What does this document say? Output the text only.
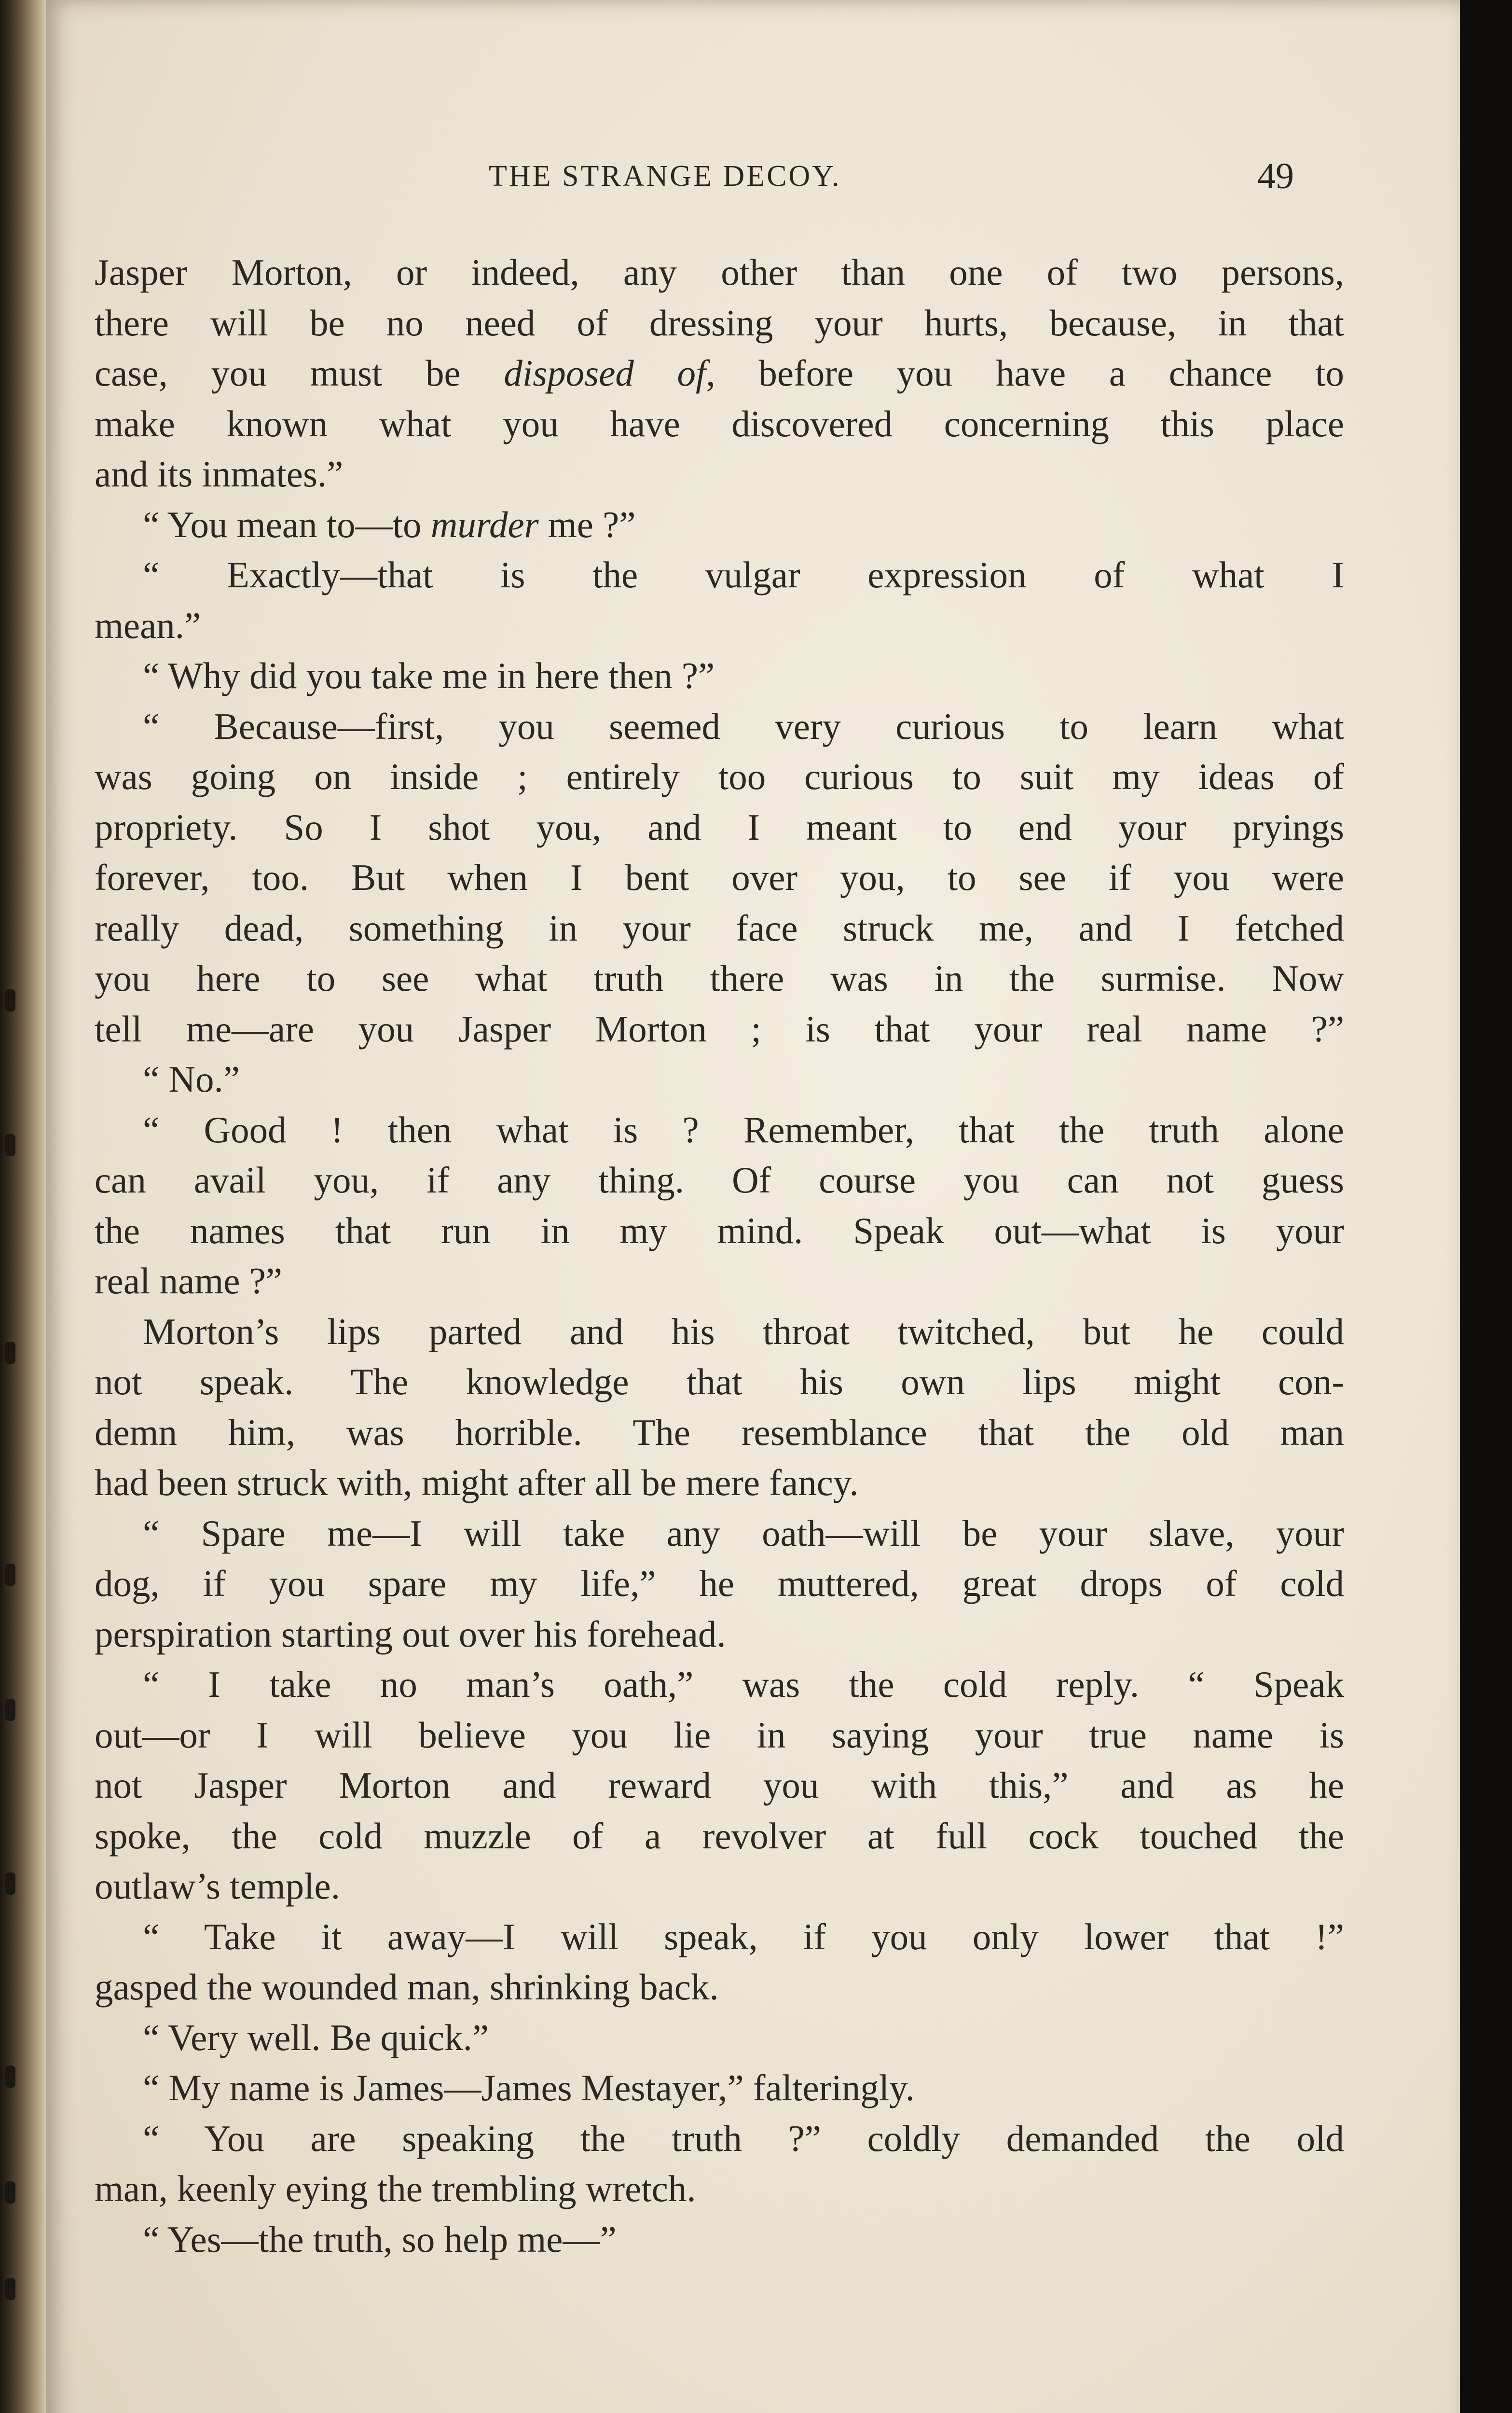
THE STRANGE DECOY.	49
Jasper Morton, or indeed, any other than one of two persons,
there will be no need of dressing your hurts, because, in that
case, you must be disposed of, before you have a chance to
make known what you have discovered concerning this place
and its inmates.”
“ You mean to—to murder me ?”
“ Exactly—that is the vulgar expression of what I
mean.”
“ Why did you take me in here then ?”
“ Because—first, you seemed very curious to learn what
was going on inside ; entirely too curious to suit my ideas of
propriety. So I shot you, and I meant to end your pryings
forever, too. But when I bent over you, to see if you were
really dead, something in your face struck me, and I fetched
you here to see what truth there was in the surmise. Now
tell me—are you Jasper Morton ; is that your real name ?”
“ No.”
“ Good ! then what is ? Remember, that the truth alone
can avail you, if any thing. Of course you can not guess
the names that run in my mind. Speak out—what is your
real name ?”
Morton’s lips parted and his throat twitched, but he could
not speak. The knowledge that his own lips might con-
demn him, was horrible. The resemblance that the old man
had been struck with, might after all be mere fancy.
“ Spare me—I will take any oath—will be your slave, your
dog, if you spare my life,” he muttered, great drops of cold
perspiration starting out over his forehead.
“ I take no man’s oath,” was the cold reply. “ Speak
out—or I will believe you lie in saying your true name is
not Jasper Morton and reward you with this,” and as he
spoke, the cold muzzle of a revolver at full cock touched the
outlaw’s temple.
“ Take it away—I will speak, if you only lower that !”
gasped the wounded man, shrinking back.
“ Very well. Be quick.”
“ My name is James—James Mestayer,” falteringly.
“ You are speaking the truth ?” coldly demanded the old
man, keenly eying the trembling wretch.
“ Yes—the truth, so help me—”
